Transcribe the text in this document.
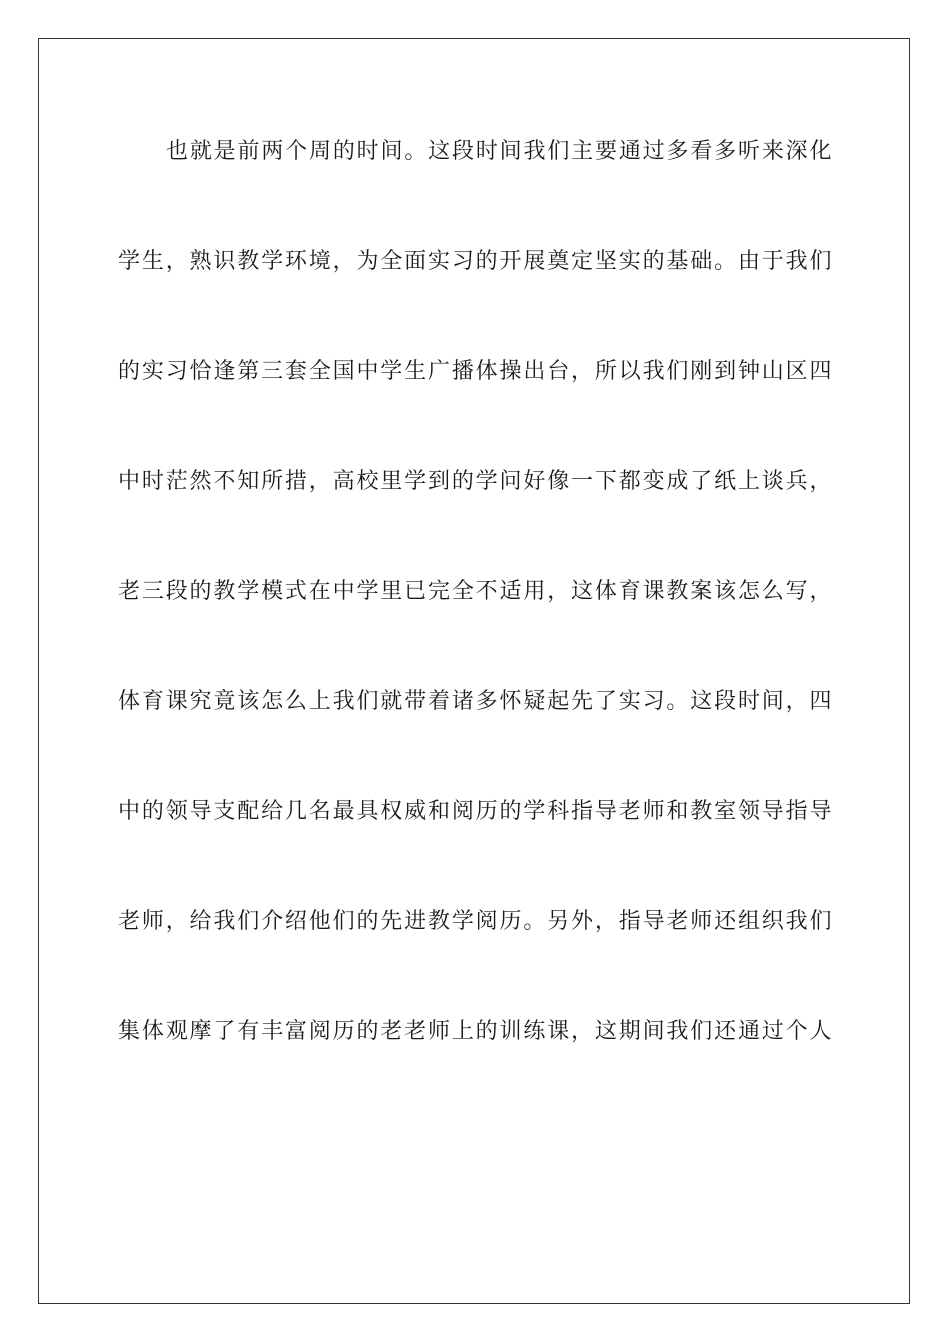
也就是前两个周的时间。这段时间我们主要通过多看多听来深化
学生，熟识教学环境，为全面实习的开展奠定坚实的基础。由于我们
的实习恰逢第三套全国中学生广播体操出台，所以我们刚到钟山区四
中时茫然不知所措，高校里学到的学问好像一下都变成了纸上谈兵，
老三段的教学模式在中学里已完全不适用，这体育课教案该怎么写，
体育课究竟该怎么上我们就带着诸多怀疑起先了实习。这段时间，四
中的领导支配给几名最具权威和阅历的学科指导老师和教室领导指导
老师，给我们介绍他们的先进教学阅历。另外，指导老师还组织我们
集体观摩了有丰富阅历的老老师上的训练课，这期间我们还通过个人
